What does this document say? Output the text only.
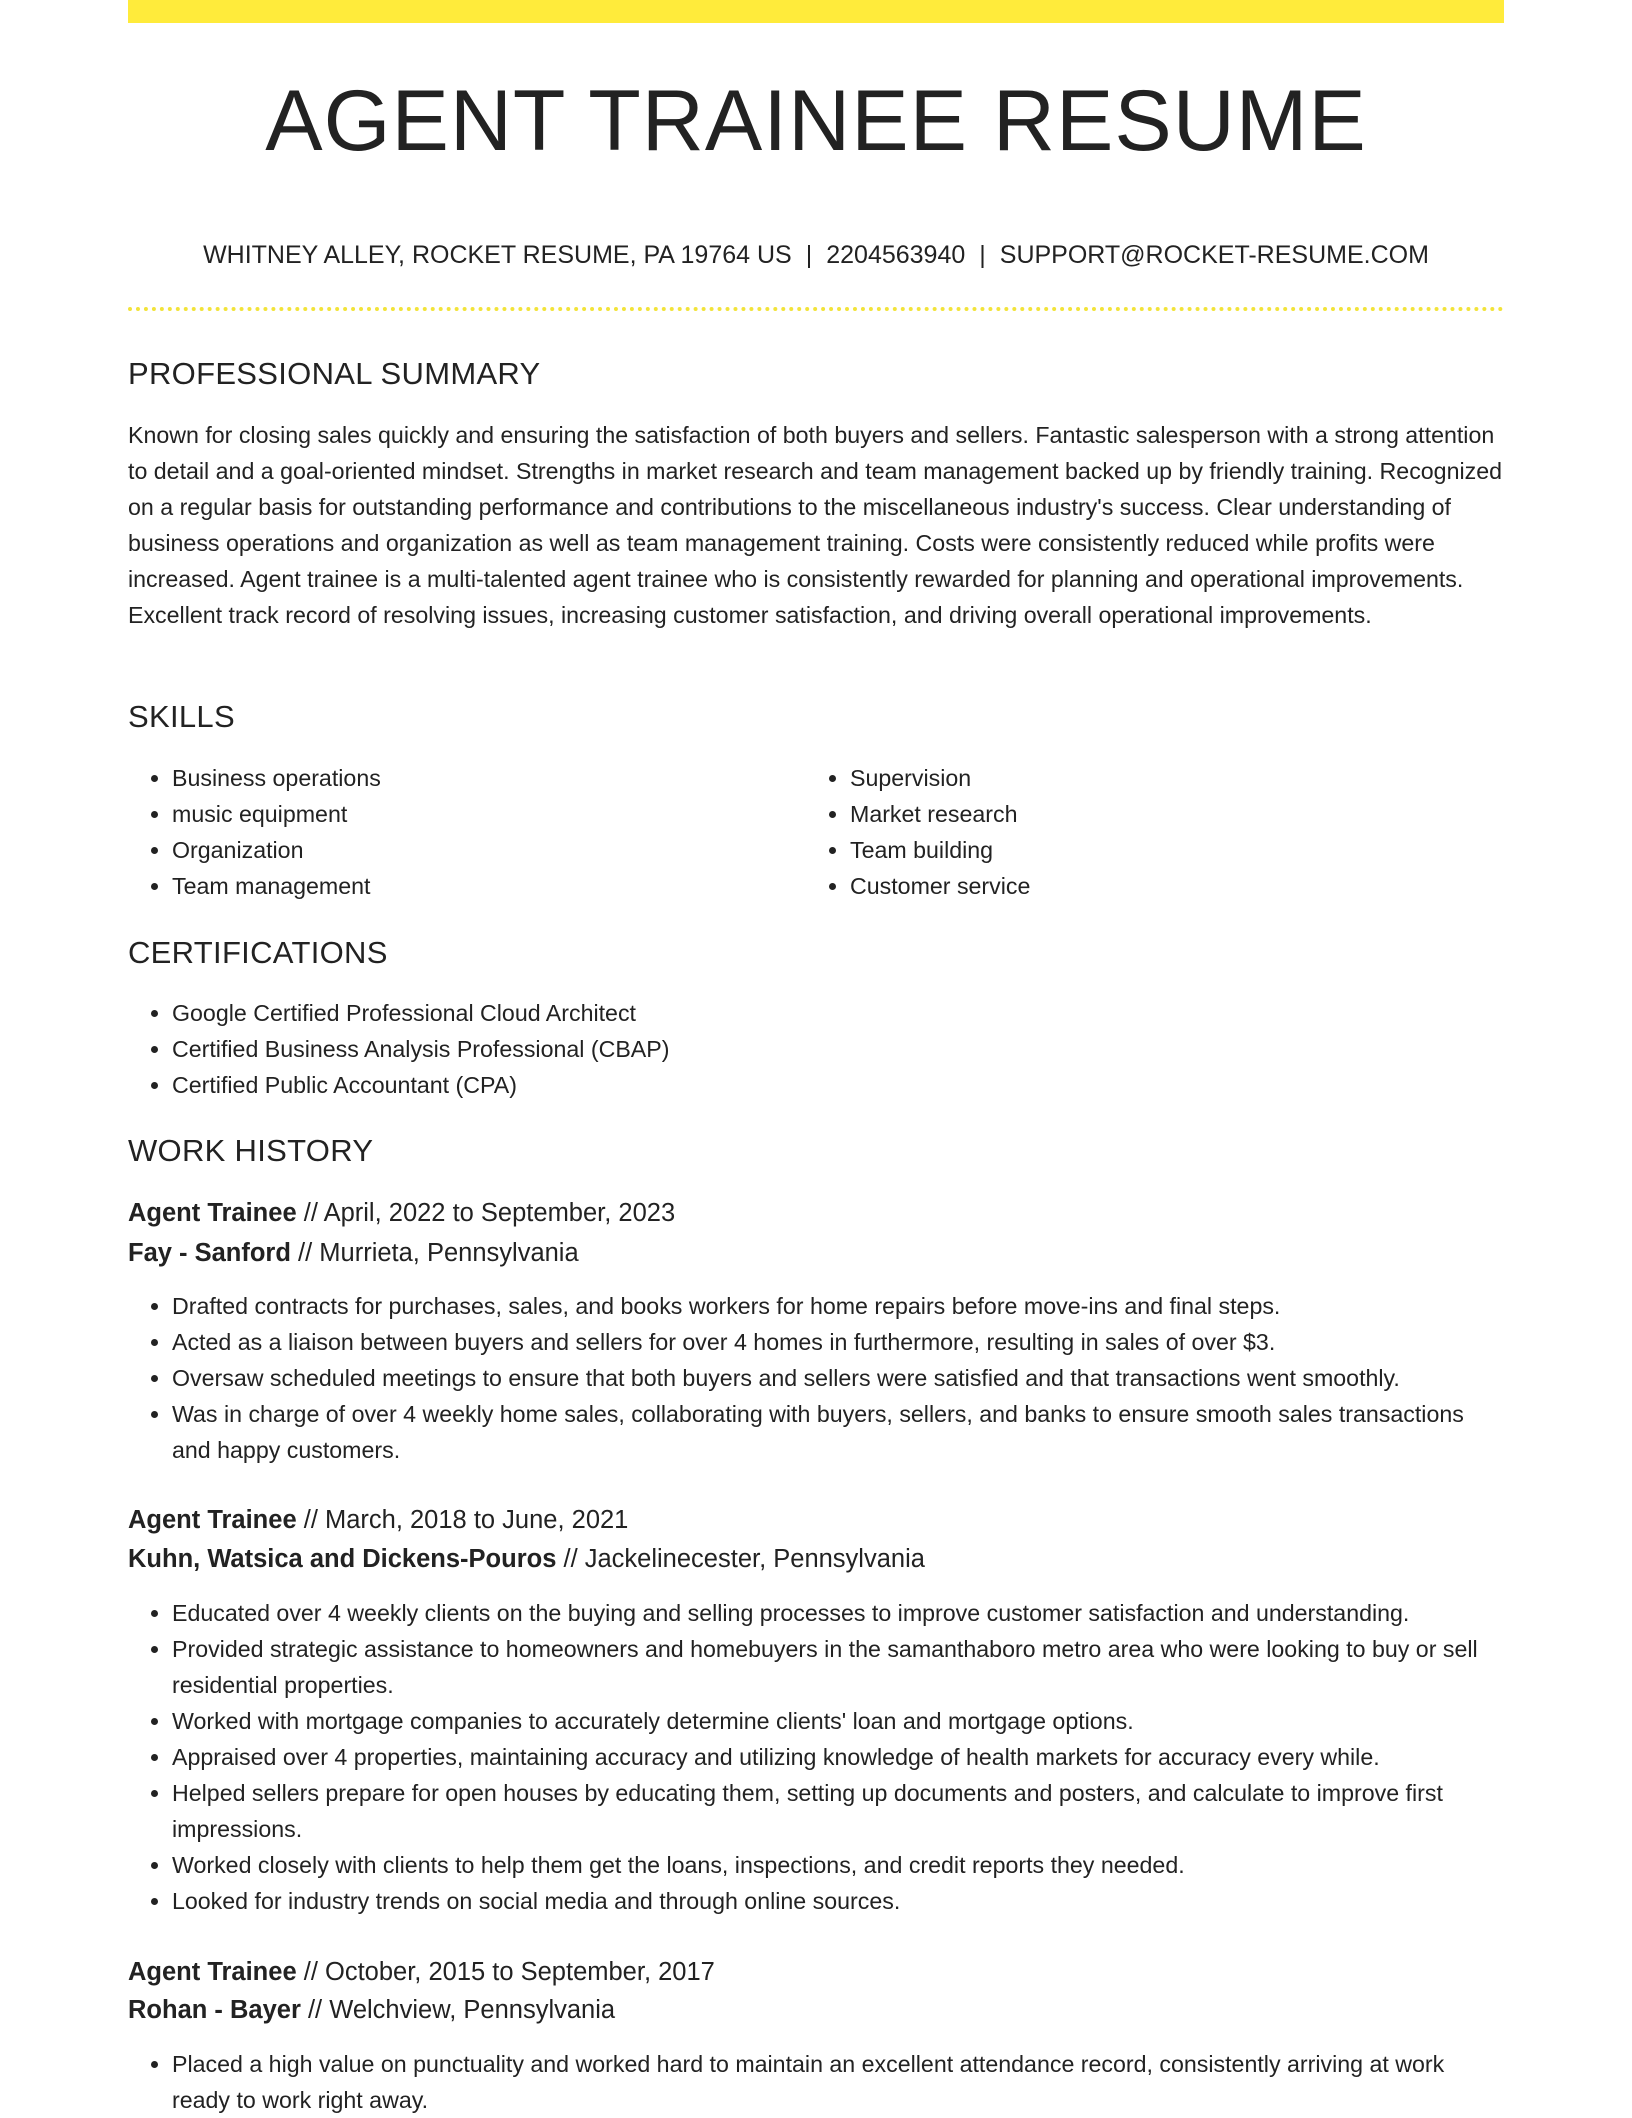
AGENT TRAINEE RESUME
WHITNEY ALLEY, ROCKET RESUME, PA 19764 US | 2204563940 | SUPPORT@ROCKET-RESUME.COM
PROFESSIONAL SUMMARY
Known for closing sales quickly and ensuring the satisfaction of both buyers and sellers. Fantastic salesperson with a strong attention to detail and a goal-oriented mindset. Strengths in market research and team management backed up by friendly training. Recognized on a regular basis for outstanding performance and contributions to the miscellaneous industry's success. Clear understanding of business operations and organization as well as team management training. Costs were consistently reduced while profits were increased. Agent trainee is a multi-talented agent trainee who is consistently rewarded for planning and operational improvements. Excellent track record of resolving issues, increasing customer satisfaction, and driving overall operational improvements.
SKILLS
• Business operations
• music equipment
• Organization
• Team management
• Supervision
• Market research
• Team building
• Customer service
CERTIFICATIONS
• Google Certified Professional Cloud Architect
• Certified Business Analysis Professional (CBAP)
• Certified Public Accountant (CPA)
WORK HISTORY
Agent Trainee // April, 2022 to September, 2023
Fay - Sanford // Murrieta, Pennsylvania
• Drafted contracts for purchases, sales, and books workers for home repairs before move-ins and final steps.
• Acted as a liaison between buyers and sellers for over 4 homes in furthermore, resulting in sales of over $3.
• Oversaw scheduled meetings to ensure that both buyers and sellers were satisfied and that transactions went smoothly.
• Was in charge of over 4 weekly home sales, collaborating with buyers, sellers, and banks to ensure smooth sales transactions and happy customers.
Agent Trainee // March, 2018 to June, 2021
Kuhn, Watsica and Dickens-Pouros // Jackelinecester, Pennsylvania
• Educated over 4 weekly clients on the buying and selling processes to improve customer satisfaction and understanding.
• Provided strategic assistance to homeowners and homebuyers in the samanthaboro metro area who were looking to buy or sell residential properties.
• Worked with mortgage companies to accurately determine clients' loan and mortgage options.
• Appraised over 4 properties, maintaining accuracy and utilizing knowledge of health markets for accuracy every while.
• Helped sellers prepare for open houses by educating them, setting up documents and posters, and calculate to improve first impressions.
• Worked closely with clients to help them get the loans, inspections, and credit reports they needed.
• Looked for industry trends on social media and through online sources.
Agent Trainee // October, 2015 to September, 2017
Rohan - Bayer // Welchview, Pennsylvania
• Placed a high value on punctuality and worked hard to maintain an excellent attendance record, consistently arriving at work ready to work right away.
